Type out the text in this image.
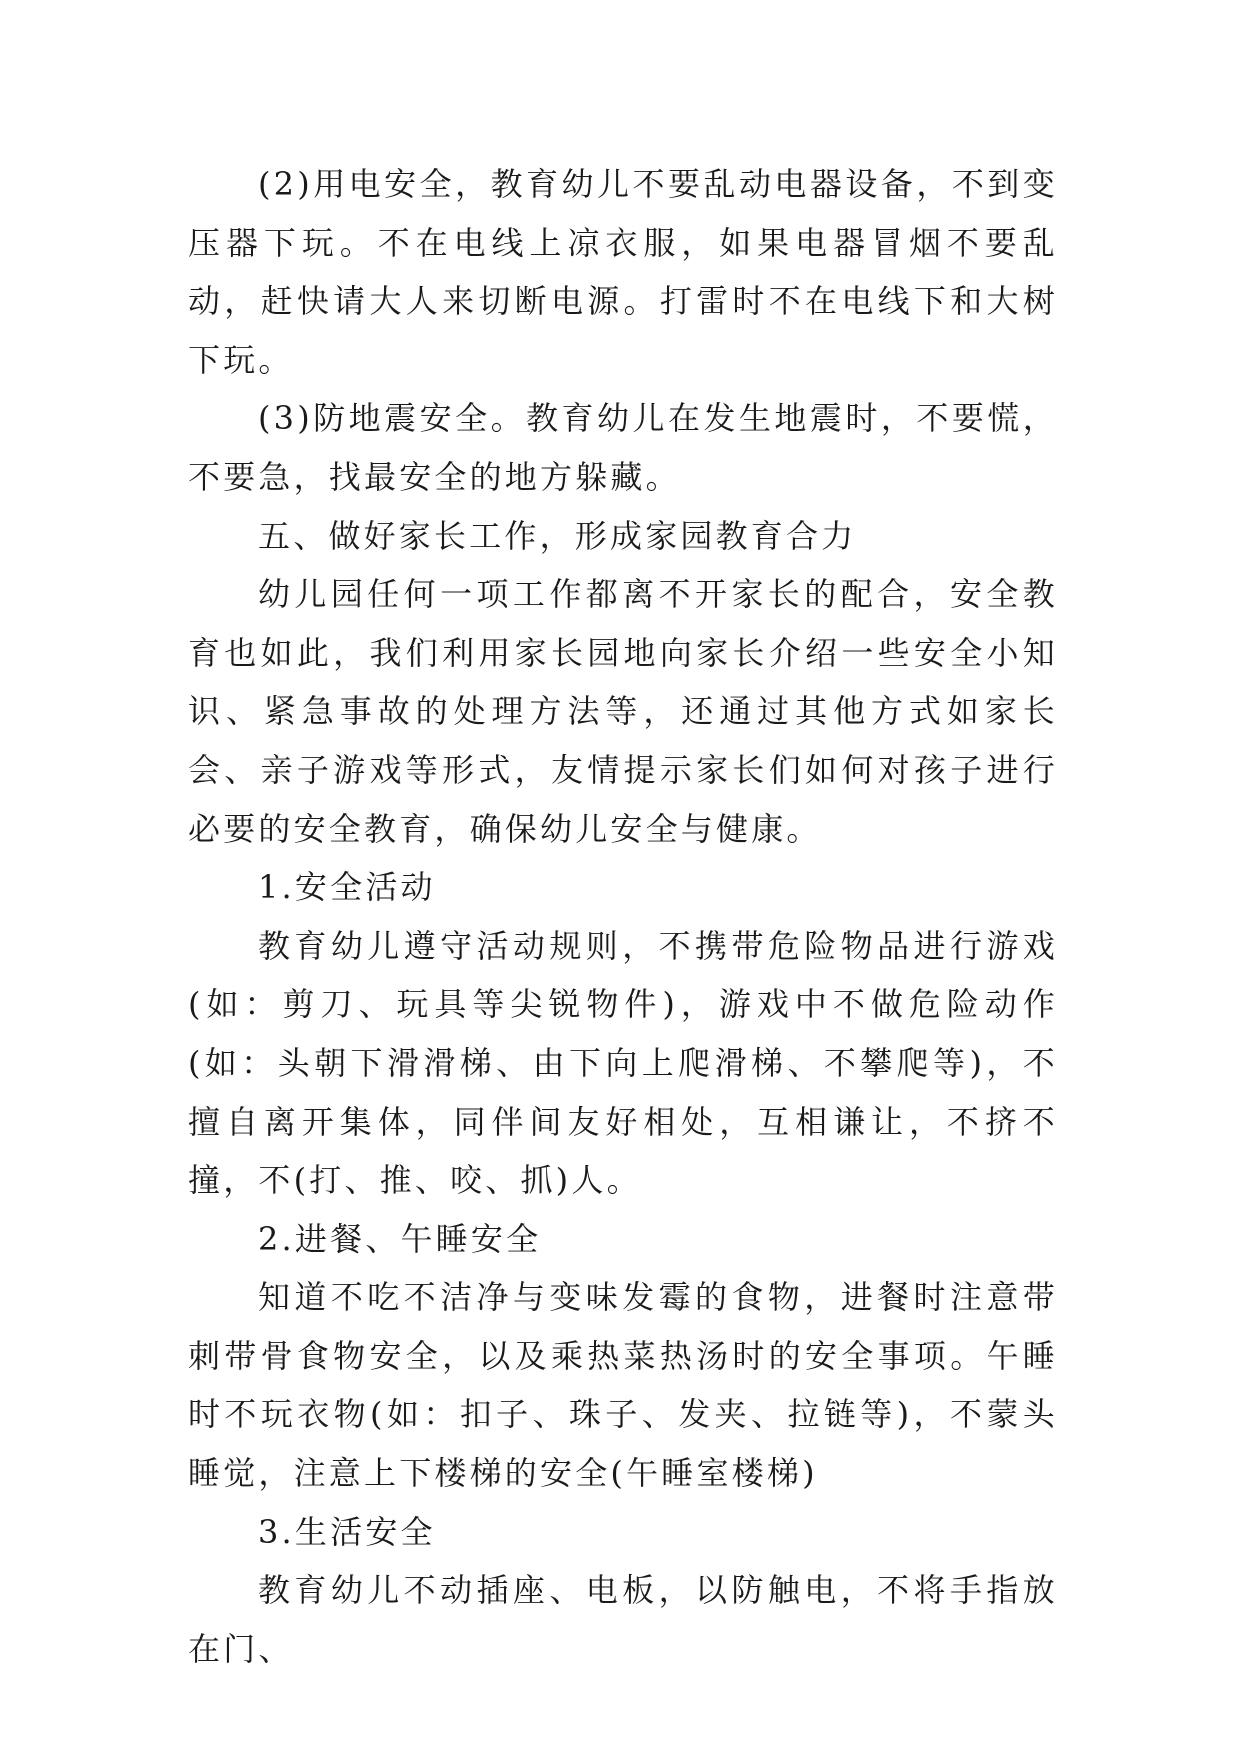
(2)用电安全，教育幼儿不要乱动电器设备，不到变压器下玩。不在电线上凉衣服，如果电器冒烟不要乱动，赶快请大人来切断电源。打雷时不在电线下和大树下玩。

(3)防地震安全。教育幼儿在发生地震时，不要慌，不要急，找最安全的地方躲藏。

五、做好家长工作，形成家园教育合力

幼儿园任何一项工作都离不开家长的配合，安全教育也如此，我们利用家长园地向家长介绍一些安全小知识、紧急事故的处理方法等，还通过其他方式如家长会、亲子游戏等形式，友情提示家长们如何对孩子进行必要的安全教育，确保幼儿安全与健康。

1.安全活动

教育幼儿遵守活动规则，不携带危险物品进行游戏(如：剪刀、玩具等尖锐物件)，游戏中不做危险动作(如：头朝下滑滑梯、由下向上爬滑梯、不攀爬等)，不擅自离开集体，同伴间友好相处，互相谦让，不挤不撞，不(打、推、咬、抓)人。

2.进餐、午睡安全

知道不吃不洁净与变味发霉的食物，进餐时注意带刺带骨食物安全，以及乘热菜热汤时的安全事项。午睡时不玩衣物(如：扣子、珠子、发夹、拉链等)，不蒙头睡觉，注意上下楼梯的安全(午睡室楼梯)

3.生活安全

教育幼儿不动插座、电板，以防触电，不将手指放在门、
